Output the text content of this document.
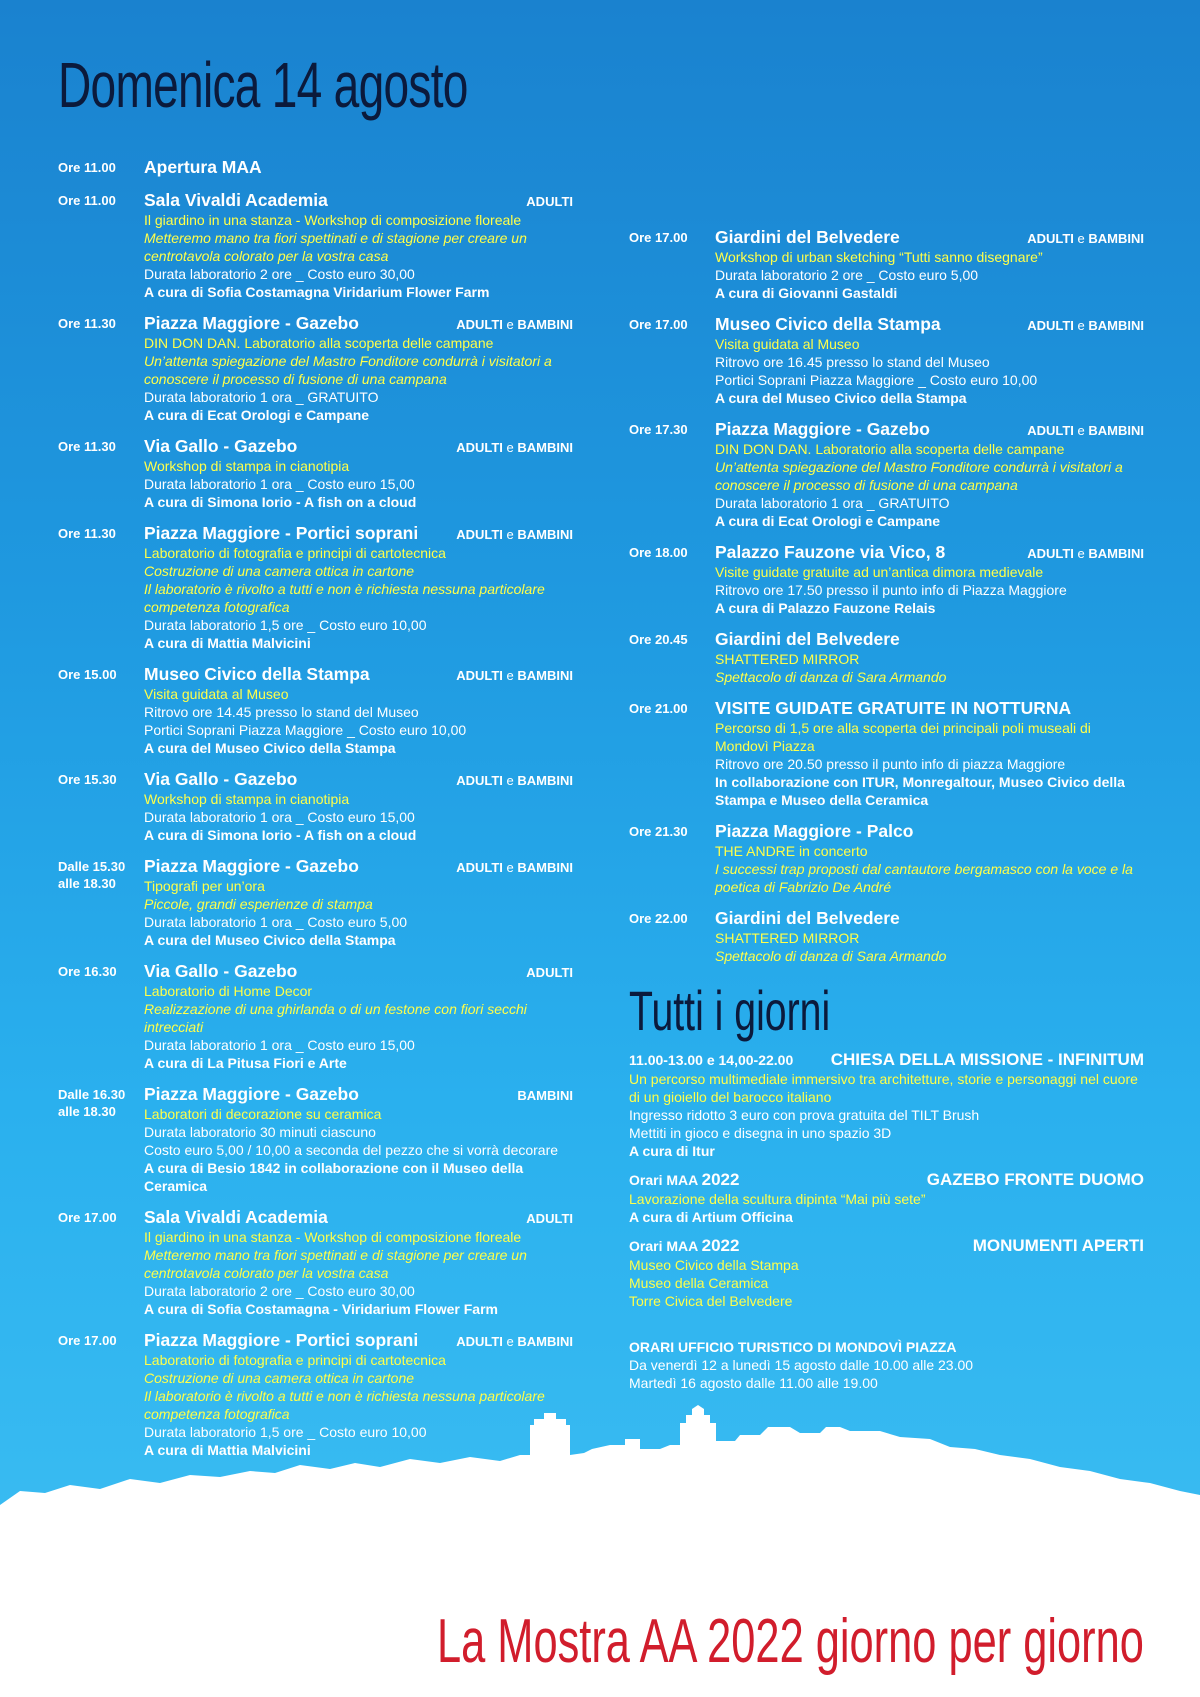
Domenica 14 agosto
Ore 11.00	Apertura MAA
Ore 11.00	Sala Vivaldi Academia	ADULTI
Il giardino in una stanza - Workshop di composizione floreale
Metteremo mano tra fiori spettinati e di stagione per creare un centrotavola colorato per la vostra casa
Durata laboratorio 2 ore _ Costo euro 30,00
A cura di Sofia Costamagna Viridarium Flower Farm
Ore 11.30	Piazza Maggiore - Gazebo	ADULTI e BAMBINI
DIN DON DAN. Laboratorio alla scoperta delle campane
Un’attenta spiegazione del Mastro Fonditore condurrà i visitatori a conoscere il processo di fusione di una campana
Durata laboratorio 1 ora _ GRATUITO
A cura di Ecat Orologi e Campane
Ore 11.30	Via Gallo - Gazebo	ADULTI e BAMBINI
Workshop di stampa in cianotipia
Durata laboratorio 1 ora _ Costo euro 15,00
A cura di Simona Iorio - A fish on a cloud
Ore 11.30	Piazza Maggiore - Portici soprani	ADULTI e BAMBINI
Laboratorio di fotografia e principi di cartotecnica
Costruzione di una camera ottica in cartone
Il laboratorio è rivolto a tutti e non è richiesta nessuna particolare competenza fotografica
Durata laboratorio 1,5 ore _ Costo euro 10,00
A cura di Mattia Malvicini
Ore 15.00	Museo Civico della Stampa	ADULTI e BAMBINI
Visita guidata al Museo
Ritrovo ore 14.45 presso lo stand del Museo
Portici Soprani Piazza Maggiore _ Costo euro 10,00
A cura del Museo Civico della Stampa
Ore 15.30	Via Gallo - Gazebo	ADULTI e BAMBINI
Workshop di stampa in cianotipia
Durata laboratorio 1 ora _ Costo euro 15,00
A cura di Simona Iorio - A fish on a cloud
Dalle 15.30
alle 18.30
Piazza Maggiore - Gazebo	ADULTI e BAMBINI
Tipografi per un’ora
Piccole, grandi esperienze di stampa
Durata laboratorio 1 ora _ Costo euro 5,00
A cura del Museo Civico della Stampa
Ore 16.30	Via Gallo - Gazebo	ADULTI
Laboratorio di Home Decor
Realizzazione di una ghirlanda o di un festone con fiori secchi intrecciati
Durata laboratorio 1 ora _ Costo euro 15,00
A cura di La Pitusa Fiori e Arte
Dalle 16.30
alle 18.30
Piazza Maggiore - Gazebo	BAMBINI
Laboratori di decorazione su ceramica
Durata laboratorio 30 minuti ciascuno
Costo euro 5,00 / 10,00 a seconda del pezzo che si vorrà decorare
A cura di Besio 1842 in collaborazione con il Museo della Ceramica
Ore 17.00	Sala Vivaldi Academia	ADULTI
Il giardino in una stanza - Workshop di composizione floreale
Metteremo mano tra fiori spettinati e di stagione per creare un centrotavola colorato per la vostra casa
Durata laboratorio 2 ore _ Costo euro 30,00
A cura di Sofia Costamagna - Viridarium Flower Farm
Ore 17.00	Piazza Maggiore - Portici soprani	ADULTI e BAMBINI
Laboratorio di fotografia e principi di cartotecnica
Costruzione di una camera ottica in cartone
Il laboratorio è rivolto a tutti e non è richiesta nessuna particolare competenza fotografica
Durata laboratorio 1,5 ore _ Costo euro 10,00
A cura di Mattia Malvicini
Ore 17.00	Giardini del Belvedere	ADULTI e BAMBINI
Workshop di urban sketching “Tutti sanno disegnare”
Durata laboratorio 2 ore _ Costo euro 5,00
A cura di Giovanni Gastaldi
Ore 17.00	Museo Civico della Stampa	ADULTI e BAMBINI
Visita guidata al Museo
Ritrovo ore 16.45 presso lo stand del Museo
Portici Soprani Piazza Maggiore _ Costo euro 10,00
A cura del Museo Civico della Stampa
Ore 17.30	Piazza Maggiore - Gazebo	ADULTI e BAMBINI
DIN DON DAN. Laboratorio alla scoperta delle campane
Un’attenta spiegazione del Mastro Fonditore condurrà i visitatori a conoscere il processo di fusione di una campana
Durata laboratorio 1 ora _ GRATUITO
A cura di Ecat Orologi e Campane
Ore 18.00	Palazzo Fauzone via Vico, 8	ADULTI e BAMBINI
Visite guidate gratuite ad un’antica dimora medievale
Ritrovo ore 17.50 presso il punto info di Piazza Maggiore
A cura di Palazzo Fauzone Relais
Ore 20.45	Giardini del Belvedere
SHATTERED MIRROR
Spettacolo di danza di Sara Armando
Ore 21.00	VISITE GUIDATE GRATUITE IN NOTTURNA
Percorso di 1,5 ore alla scoperta dei principali poli museali di Mondovì Piazza
Ritrovo ore 20.50 presso il punto info di piazza Maggiore
In collaborazione con ITUR, Monregaltour, Museo Civico della Stampa e Museo della Ceramica
Ore 21.30	Piazza Maggiore - Palco
THE ANDRE in concerto
I successi trap proposti dal cantautore bergamasco con la voce e la poetica di Fabrizio De André
Ore 22.00	Giardini del Belvedere
SHATTERED MIRROR
Spettacolo di danza di Sara Armando
Tutti i giorni
11.00-13.00 e 14,00-22.00 CHIESA DELLA MISSIONE - INFINITUM
Un percorso multimediale immersivo tra architetture, storie e personaggi nel cuore di un gioiello del barocco italiano
Ingresso ridotto 3 euro con prova gratuita del TILT Brush
Mettiti in gioco e disegna in uno spazio 3D
A cura di Itur
Orari MAA 2022	GAZEBO FRONTE DUOMO
Lavorazione della scultura dipinta “Mai più sete”
A cura di Artium Officina
Orari MAA 2022	MONUMENTI APERTI
Museo Civico della Stampa
Museo della Ceramica
Torre Civica del Belvedere
ORARI UFFICIO TURISTICO DI MONDOVÌ PIAZZA
Da venerdì 12 a lunedì 15 agosto dalle 10.00 alle 23.00
Martedì 16 agosto dalle 11.00 alle 19.00
La Mostra AA 2022 giorno per giorno
